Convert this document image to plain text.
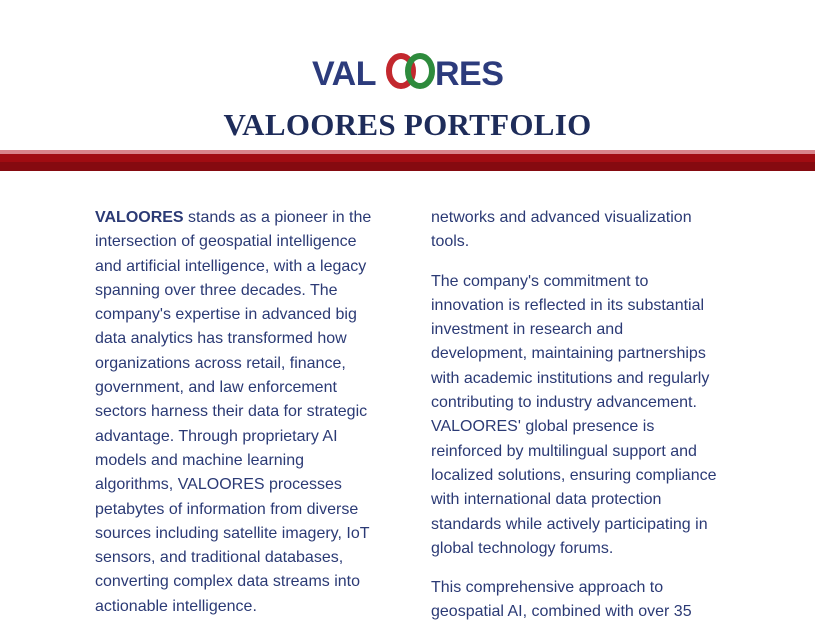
VAL RES
VALOORES PORTFOLIO

VALOORES stands as a pioneer in the intersection of geospatial intelligence and artificial intelligence, with a legacy spanning over three decades. The company's expertise in advanced big data analytics has transformed how organizations across retail, finance, government, and law enforcement sectors harness their data for strategic advantage. Through proprietary AI models and machine learning algorithms, VALOORES processes petabytes of information from diverse sources including satellite imagery, IoT sensors, and traditional databases, converting complex data streams into actionable intelligence.

networks and advanced visualization tools.

The company's commitment to innovation is reflected in its substantial investment in research and development, maintaining partnerships with academic institutions and regularly contributing to industry advancement. VALOORES' global presence is reinforced by multilingual support and localized solutions, ensuring compliance with international data protection standards while actively participating in global technology forums.

This comprehensive approach to geospatial AI, combined with over 35
